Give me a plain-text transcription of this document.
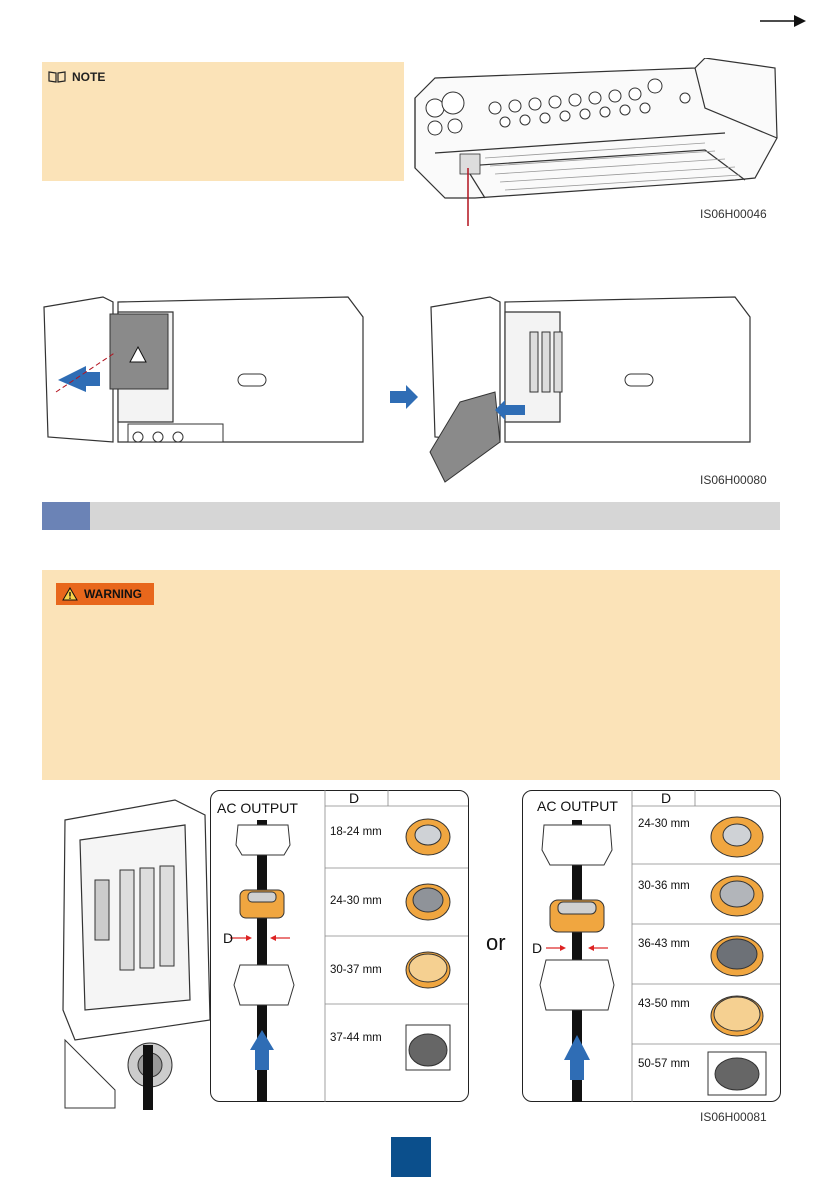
NOTE
IS06H00046
IS06H00080
WARNING
AC OUTPUT
D
D
18-24 mm
24-30 mm
30-37 mm
37-44 mm
or
AC OUTPUT	D
D
24-30 mm
30-36 mm
36-43 mm
43-50 mm
50-57 mm
IS06H00081
